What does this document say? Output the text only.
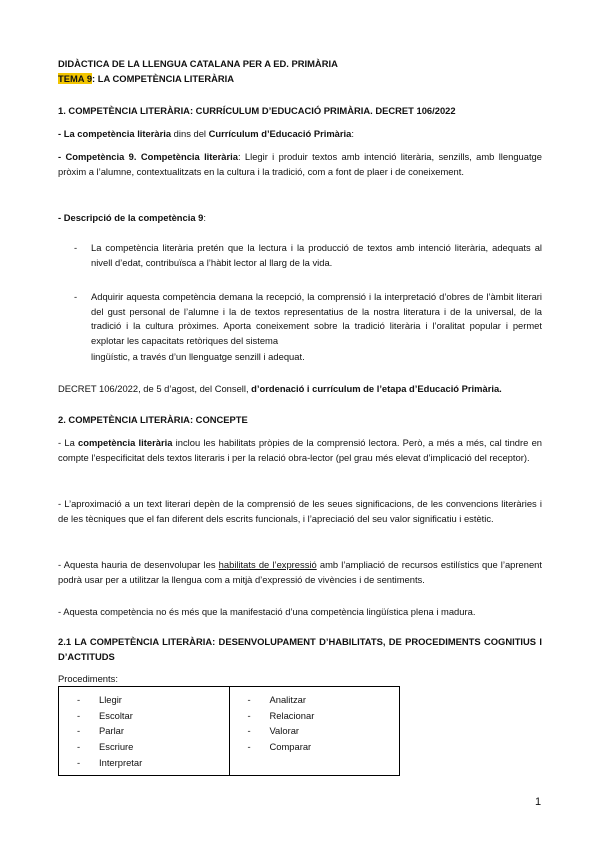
DIDÀCTICA DE LA LLENGUA CATALANA PER A ED. PRIMÀRIA
TEMA 9: LA COMPETÈNCIA LITERÀRIA
1. COMPETÈNCIA LITERÀRIA: CURRÍCULUM D’EDUCACIÓ PRIMÀRIA. DECRET 106/2022
- La competència literària dins del Currículum d’Educació Primària:
- Competència 9. Competència literària: Llegir i produir textos amb intenció literària, senzills, amb llenguatge pròxim a l’alumne, contextualitzats en la cultura i la tradició, com a font de plaer i de coneixement.
- Descripció de la competència 9:
- La competència literària pretén que la lectura i la producció de textos amb intenció literària, adequats al nivell d’edat, contribuïsca a l’hàbit lector al llarg de la vida.
- Adquirir aquesta competència demana la recepció, la comprensió i la interpretació d’obres de l’àmbit literari del gust personal de l’alumne i la de textos representatius de la nostra literatura i de la universal, de la tradició i la cultura pròximes. Aporta coneixement sobre la tradició literària i l’oralitat popular i permet explotar les capacitats retòriques del sistema
lingüístic, a través d’un llenguatge senzill i adequat.
DECRET 106/2022, de 5 d’agost, del Consell, d’ordenació i currículum de l’etapa d’Educació Primària.
2. COMPETÈNCIA LITERÀRIA: CONCEPTE
- La competència literària inclou les habilitats pròpies de la comprensió lectora. Però, a més a més, cal tindre en compte l’especificitat dels textos literaris i per la relació obra-lector (pel grau més elevat d’implicació del receptor).
- L’aproximació a un text literari depèn de la comprensió de les seues significacions, de les convencions literàries i de les tècniques que el fan diferent dels escrits funcionals, i l’apreciació del seu valor significatiu i estètic.
- Aquesta hauria de desenvolupar les habilitats de l’expressió amb l’ampliació de recursos estilístics que l’aprenent podrà usar per a utilitzar la llengua com a mitjà d’expressió de vivències i de sentiments.
- Aquesta competència no és més que la manifestació d’una competència lingüística plena i madura.
2.1 LA COMPETÈNCIA LITERÀRIA: DESENVOLUPAMENT D’HABILITATS, DE PROCEDIMENTS COGNITIUS I D’ACTITUDS
Procediments:
- Llegir
- Escoltar
- Parlar
- Escriure
- Interpretar

- Analitzar
- Relacionar
- Valorar
- Comparar
1
